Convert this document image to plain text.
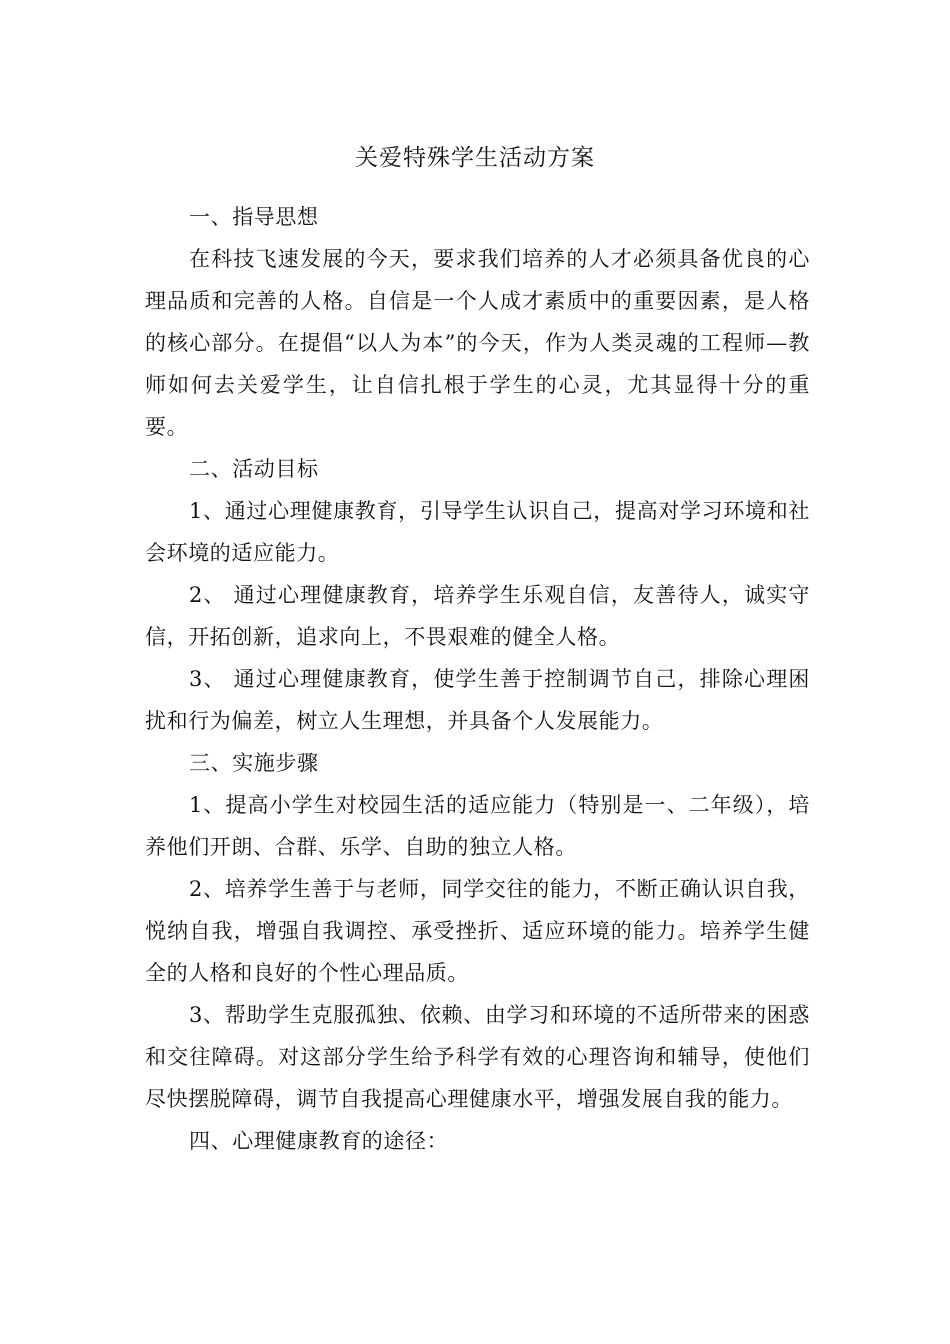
关爱特殊学生活动方案

一、指导思想

在科技飞速发展的今天，要求我们培养的人才必须具备优良的心理品质和完善的人格。自信是一个人成才素质中的重要因素，是人格的核心部分。在提倡“以人为本”的今天，作为人类灵魂的工程师—教师如何去关爱学生，让自信扎根于学生的心灵，尤其显得十分的重要。

二、活动目标

1、通过心理健康教育，引导学生认识自己，提高对学习环境和社会环境的适应能力。

2、 通过心理健康教育，培养学生乐观自信，友善待人，诚实守信，开拓创新，追求向上，不畏艰难的健全人格。

3、 通过心理健康教育，使学生善于控制调节自己，排除心理困扰和行为偏差，树立人生理想，并具备个人发展能力。

三、实施步骤

1、提高小学生对校园生活的适应能力（特别是一、二年级），培养他们开朗、合群、乐学、自助的独立人格。

2、培养学生善于与老师，同学交往的能力，不断正确认识自我，悦纳自我，增强自我调控、承受挫折、适应环境的能力。培养学生健全的人格和良好的个性心理品质。

3、帮助学生克服孤独、依赖、由学习和环境的不适所带来的困惑和交往障碍。对这部分学生给予科学有效的心理咨询和辅导，使他们尽快摆脱障碍，调节自我提高心理健康水平，增强发展自我的能力。

四、心理健康教育的途径：
